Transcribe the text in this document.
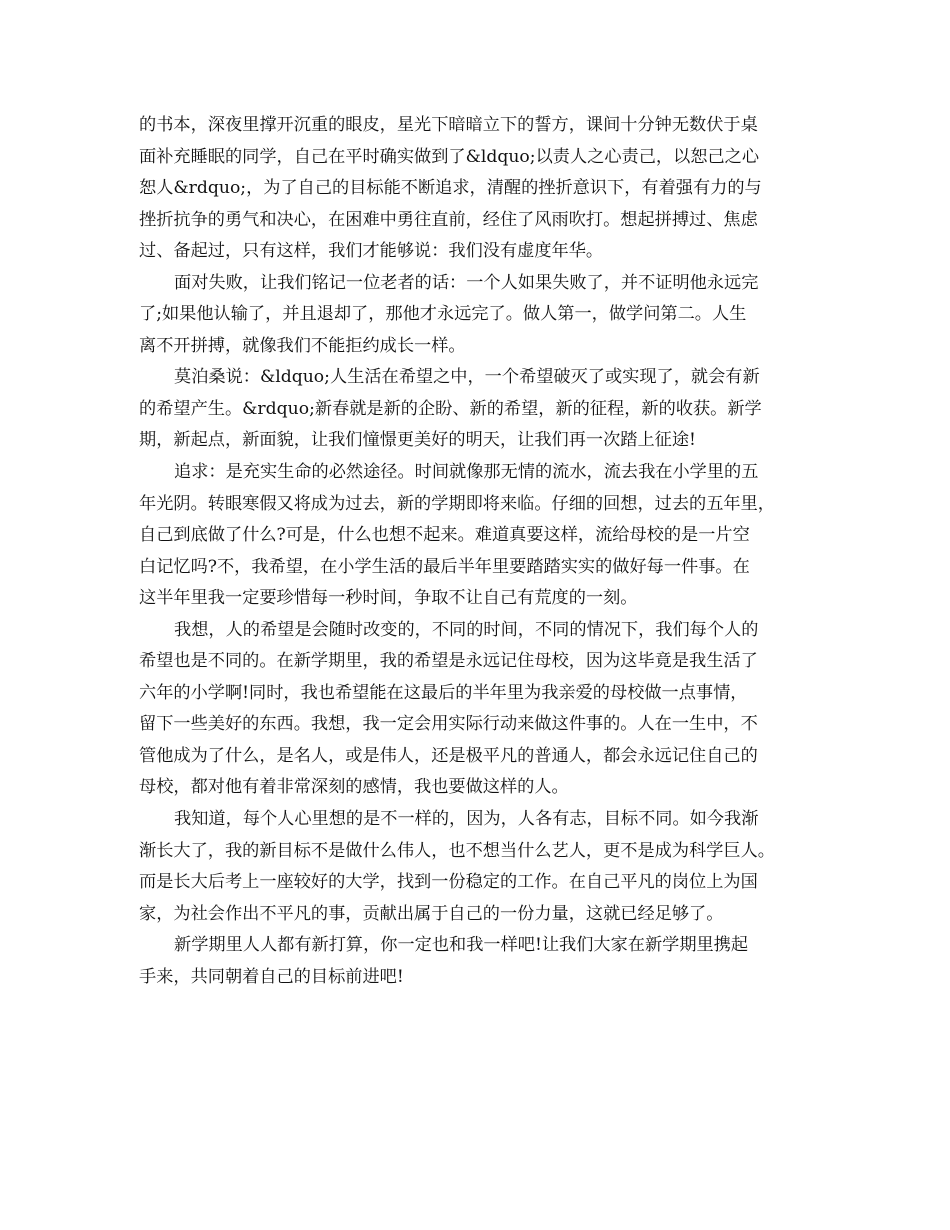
的书本，深夜里撑开沉重的眼皮，星光下暗暗立下的誓方，课间十分钟无数伏于桌
面补充睡眠的同学，自己在平时确实做到了&ldquo;以责人之心责己，以恕己之心
恕人&rdquo;，为了自己的目标能不断追求，清醒的挫折意识下，有着强有力的与
挫折抗争的勇气和决心，在困难中勇往直前，经住了风雨吹打。想起拼搏过、焦虑
过、备起过，只有这样，我们才能够说：我们没有虚度年华。
面对失败，让我们铭记一位老者的话：一个人如果失败了，并不证明他永远完
了;如果他认输了，并且退却了，那他才永远完了。做人第一，做学问第二。人生
离不开拼搏，就像我们不能拒约成长一样。
莫泊桑说：&ldquo;人生活在希望之中，一个希望破灭了或实现了，就会有新
的希望产生。&rdquo;新春就是新的企盼、新的希望，新的征程，新的收获。新学
期，新起点，新面貌，让我们憧憬更美好的明天，让我们再一次踏上征途!
追求：是充实生命的必然途径。时间就像那无情的流水，流去我在小学里的五
年光阴。转眼寒假又将成为过去，新的学期即将来临。仔细的回想，过去的五年里，
自己到底做了什么?可是，什么也想不起来。难道真要这样，流给母校的是一片空
白记忆吗?不，我希望，在小学生活的最后半年里要踏踏实实的做好每一件事。在
这半年里我一定要珍惜每一秒时间，争取不让自己有荒度的一刻。
我想，人的希望是会随时改变的，不同的时间，不同的情况下，我们每个人的
希望也是不同的。在新学期里，我的希望是永远记住母校，因为这毕竟是我生活了
六年的小学啊!同时，我也希望能在这最后的半年里为我亲爱的母校做一点事情，
留下一些美好的东西。我想，我一定会用实际行动来做这件事的。人在一生中，不
管他成为了什么，是名人，或是伟人，还是极平凡的普通人，都会永远记住自己的
母校，都对他有着非常深刻的感情，我也要做这样的人。
我知道，每个人心里想的是不一样的，因为，人各有志，目标不同。如今我渐
渐长大了，我的新目标不是做什么伟人，也不想当什么艺人，更不是成为科学巨人。
而是长大后考上一座较好的大学，找到一份稳定的工作。在自己平凡的岗位上为国
家，为社会作出不平凡的事，贡献出属于自己的一份力量，这就已经足够了。
新学期里人人都有新打算，你一定也和我一样吧!让我们大家在新学期里携起
手来，共同朝着自己的目标前进吧!
